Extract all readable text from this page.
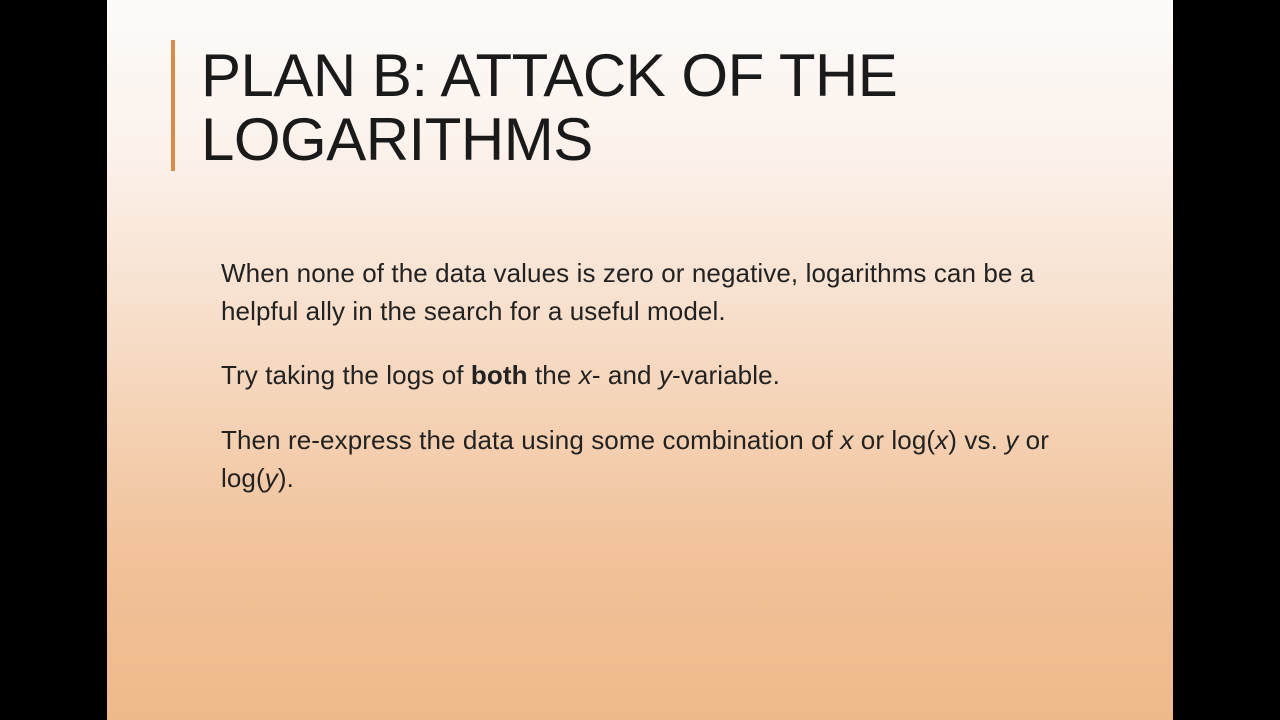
PLAN B: ATTACK OF THE LOGARITHMS

When none of the data values is zero or negative, logarithms can be a helpful ally in the search for a useful model.

Try taking the logs of both the x- and y-variable.

Then re-express the data using some combination of x or log(x) vs. y or log(y).
